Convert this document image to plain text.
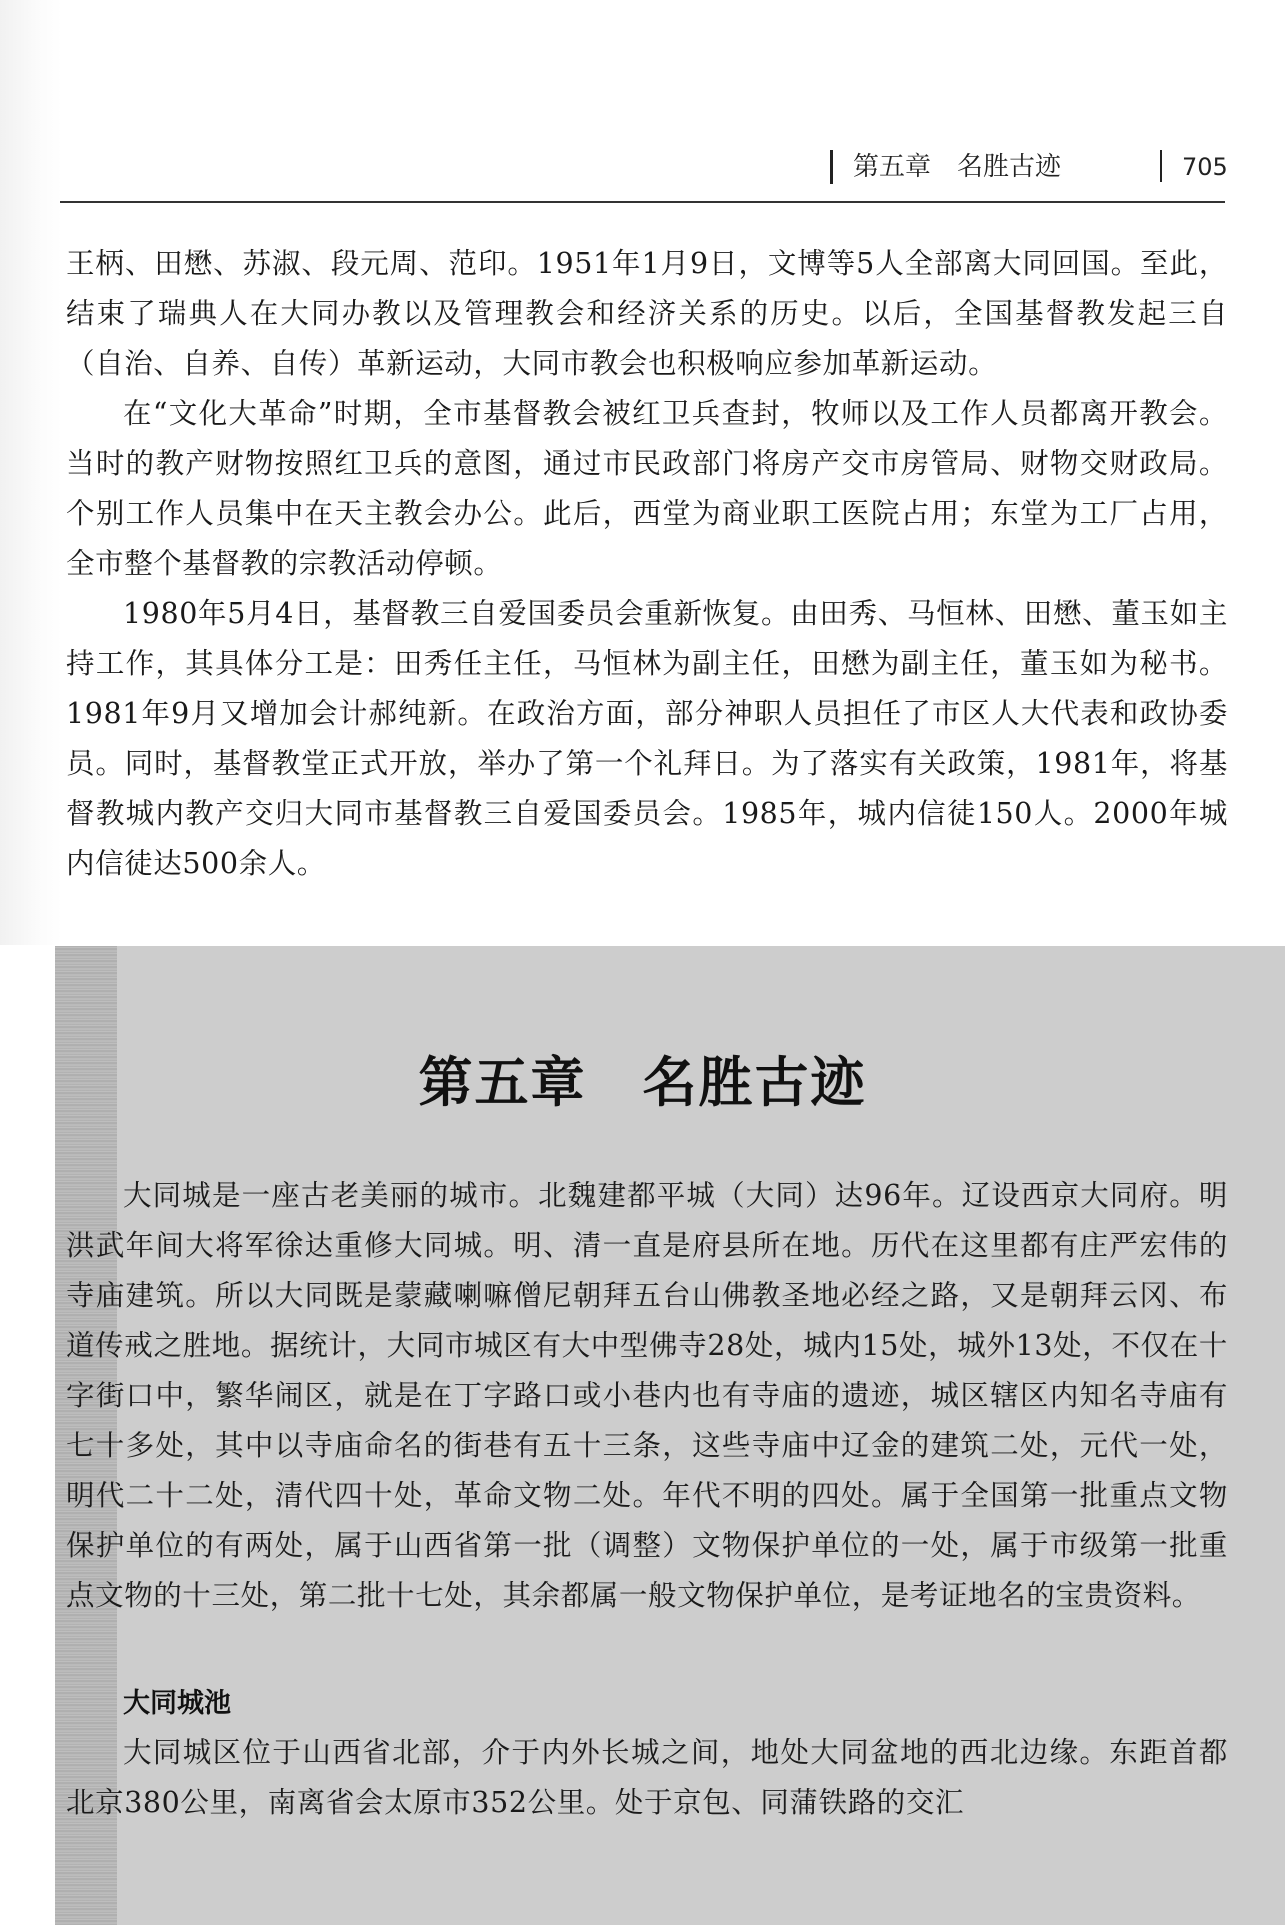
第五章　名胜古迹	705

王柄、田懋、苏淑、段元周、范印。1951年1月9日，文博等5人全部离大同回国。至此，结束了瑞典人在大同办教以及管理教会和经济关系的历史。以后，全国基督教发起三自（自治、自养、自传）革新运动，大同市教会也积极响应参加革新运动。

在“文化大革命”时期，全市基督教会被红卫兵查封，牧师以及工作人员都离开教会。当时的教产财物按照红卫兵的意图，通过市民政部门将房产交市房管局、财物交财政局。个别工作人员集中在天主教会办公。此后，西堂为商业职工医院占用；东堂为工厂占用，全市整个基督教的宗教活动停顿。

1980年5月4日，基督教三自爱国委员会重新恢复。由田秀、马恒林、田懋、董玉如主持工作，其具体分工是：田秀任主任，马恒林为副主任，田懋为副主任，董玉如为秘书。1981年9月又增加会计郝纯新。在政治方面，部分神职人员担任了市区人大代表和政协委员。同时，基督教堂正式开放，举办了第一个礼拜日。为了落实有关政策，1981年，将基督教城内教产交归大同市基督教三自爱国委员会。1985年，城内信徒150人。2000年城内信徒达500余人。

第五章　名胜古迹

大同城是一座古老美丽的城市。北魏建都平城（大同）达96年。辽设西京大同府。明洪武年间大将军徐达重修大同城。明、清一直是府县所在地。历代在这里都有庄严宏伟的寺庙建筑。所以大同既是蒙藏喇嘛僧尼朝拜五台山佛教圣地必经之路，又是朝拜云冈、布道传戒之胜地。据统计，大同市城区有大中型佛寺28处，城内15处，城外13处，不仅在十字街口中，繁华闹区，就是在丁字路口或小巷内也有寺庙的遗迹，城区辖区内知名寺庙有七十多处，其中以寺庙命名的街巷有五十三条，这些寺庙中辽金的建筑二处，元代一处，明代二十二处，清代四十处，革命文物二处。年代不明的四处。属于全国第一批重点文物保护单位的有两处，属于山西省第一批（调整）文物保护单位的一处，属于市级第一批重点文物的十三处，第二批十七处，其余都属一般文物保护单位，是考证地名的宝贵资料。

大同城池

大同城区位于山西省北部，介于内外长城之间，地处大同盆地的西北边缘。东距首都北京380公里，南离省会太原市352公里。处于京包、同蒲铁路的交汇
